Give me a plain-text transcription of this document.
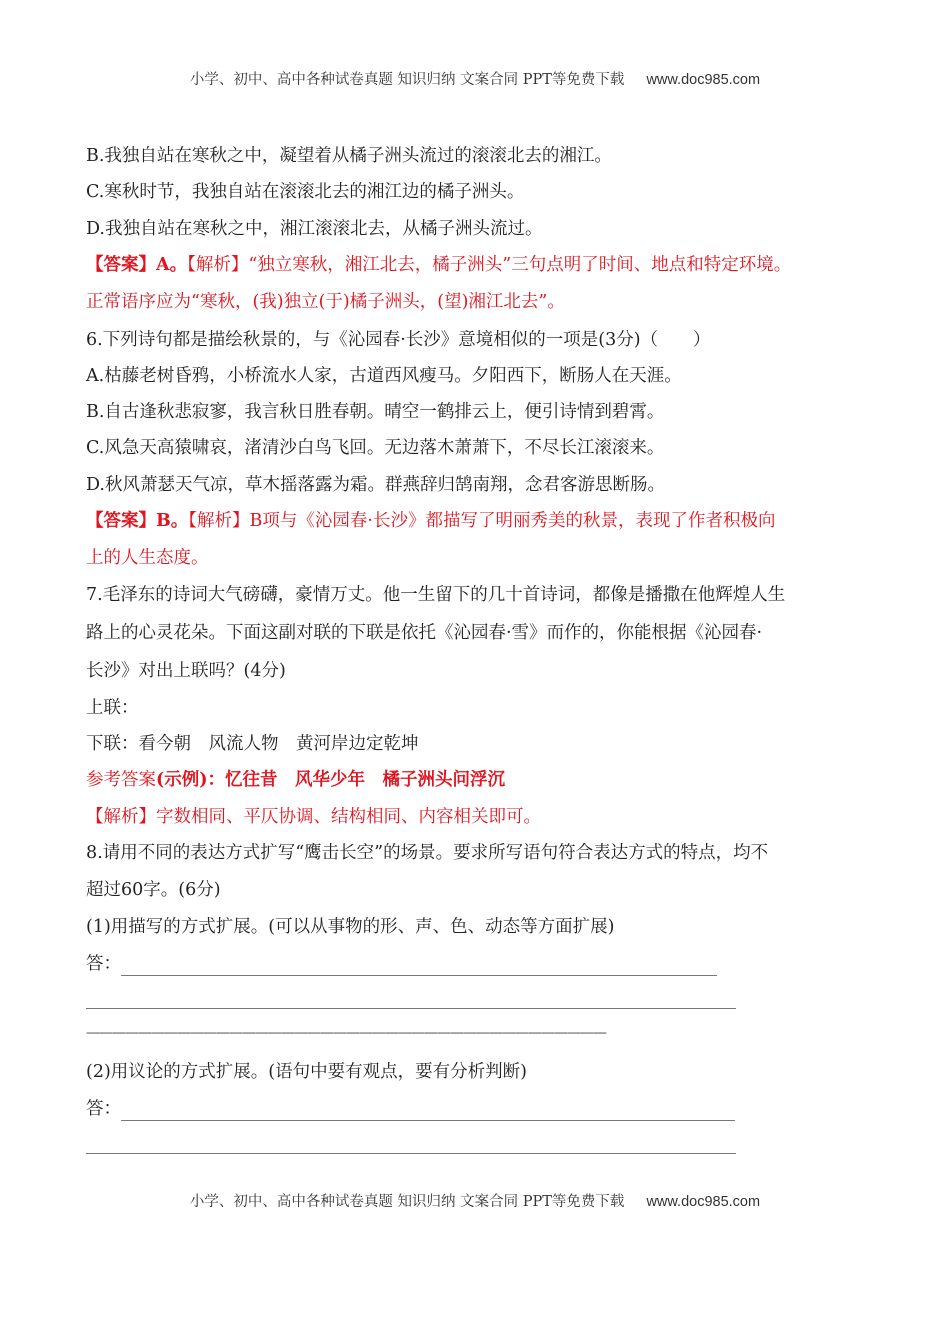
小学、初中、高中各种试卷真题 知识归纳 文案合同 PPT等免费下载 www.doc985.com
B.我独自站在寒秋之中，凝望着从橘子洲头流过的滚滚北去的湘江。
C.寒秋时节，我独自站在滚滚北去的湘江边的橘子洲头。
D.我独自站在寒秋之中，湘江滚滚北去，从橘子洲头流过。
【答案】A。【解析】“独立寒秋，湘江北去，橘子洲头”三句点明了时间、地点和特定环境。
正常语序应为“寒秋，(我)独立(于)橘子洲头，(望)湘江北去”。
6.下列诗句都是描绘秋景的，与《沁园春·长沙》意境相似的一项是(3分)（　　）
A.枯藤老树昏鸦，小桥流水人家，古道西风瘦马。夕阳西下，断肠人在天涯。
B.自古逢秋悲寂寥，我言秋日胜春朝。晴空一鹤排云上，便引诗情到碧霄。
C.风急天高猿啸哀，渚清沙白鸟飞回。无边落木萧萧下，不尽长江滚滚来。
D.秋风萧瑟天气凉，草木摇落露为霜。群燕辞归鹄南翔，念君客游思断肠。
【答案】B。【解析】B项与《沁园春·长沙》都描写了明丽秀美的秋景，表现了作者积极向
上的人生态度。
7.毛泽东的诗词大气磅礴，豪情万丈。他一生留下的几十首诗词，都像是播撒在他辉煌人生
路上的心灵花朵。下面这副对联的下联是依托《沁园春·雪》而作的，你能根据《沁园春·
长沙》对出上联吗？(4分)
上联：
下联：看今朝　风流人物　黄河岸边定乾坤
参考答案(示例)：忆往昔　风华少年　橘子洲头问浮沉
【解析】字数相同、平仄协调、结构相同、内容相关即可。
8.请用不同的表达方式扩写“鹰击长空”的场景。要求所写语句符合表达方式的特点，均不
超过60字。(6分)
(1)用描写的方式扩展。(可以从事物的形、声、色、动态等方面扩展)
答：
————————————————————————————————————————
(2)用议论的方式扩展。(语句中要有观点，要有分析判断)
答：
小学、初中、高中各种试卷真题 知识归纳 文案合同 PPT等免费下载 www.doc985.com
